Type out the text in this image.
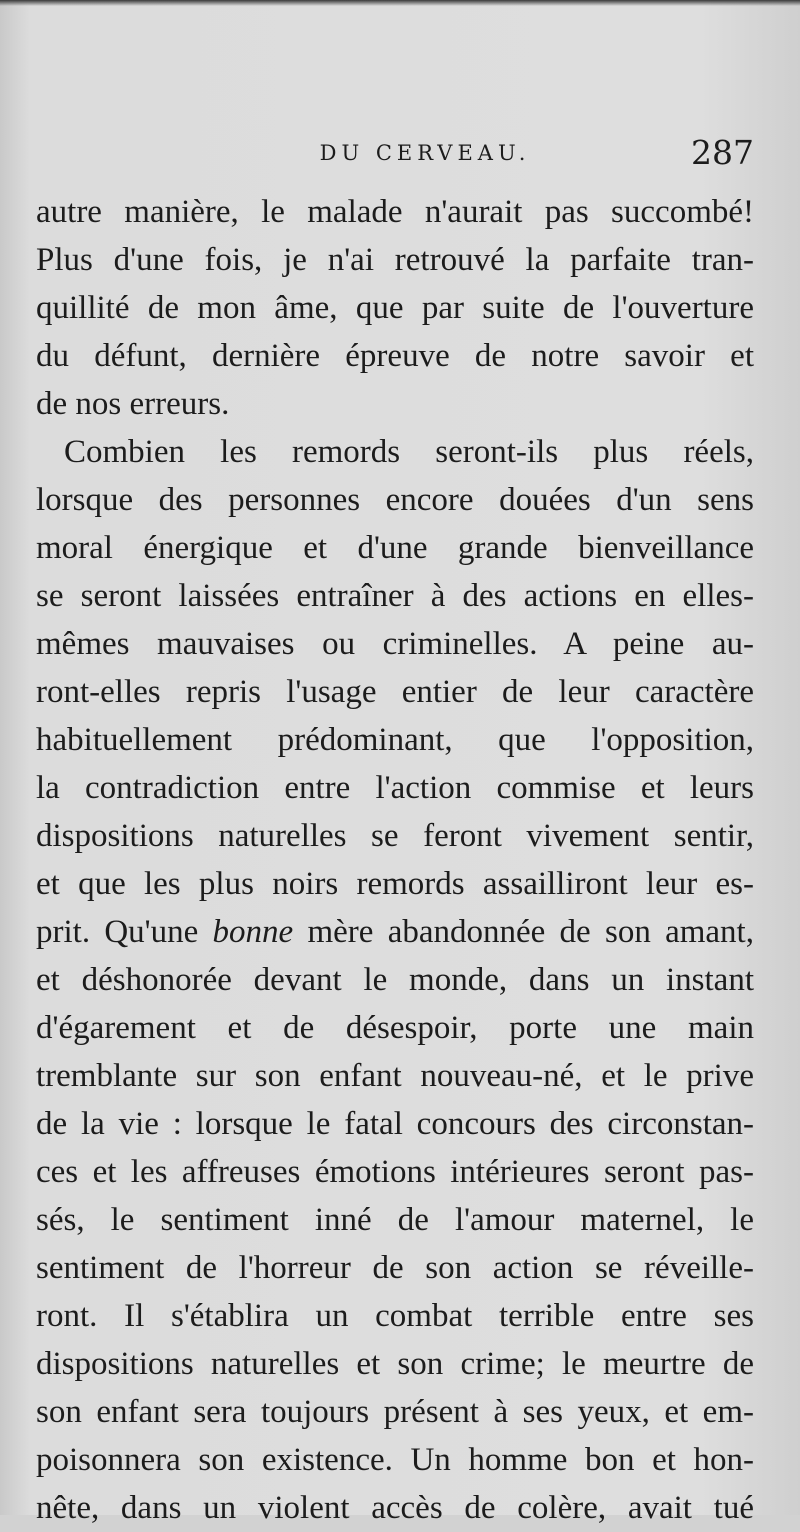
DU CERVEAU.	287
autre manière, le malade n'aurait pas succombé!
Plus d'une fois, je n'ai retrouvé la parfaite tran-
quillité de mon âme, que par suite de l'ouverture
du défunt, dernière épreuve de notre savoir et
de nos erreurs.
Combien les remords seront-ils plus réels,
lorsque des personnes encore douées d'un sens
moral énergique et d'une grande bienveillance
se seront laissées entraîner à des actions en elles-
mêmes mauvaises ou criminelles. A peine au-
ront-elles repris l'usage entier de leur caractère
habituellement prédominant, que l'opposition,
la contradiction entre l'action commise et leurs
dispositions naturelles se feront vivement sentir,
et que les plus noirs remords assailliront leur es-
prit. Qu'une bonne mère abandonnée de son amant,
et déshonorée devant le monde, dans un instant
d'égarement et de désespoir, porte une main
tremblante sur son enfant nouveau-né, et le prive
de la vie : lorsque le fatal concours des circonstan-
ces et les affreuses émotions intérieures seront pas-
sés, le sentiment inné de l'amour maternel, le
sentiment de l'horreur de son action se réveille-
ront. Il s'établira un combat terrible entre ses
dispositions naturelles et son crime; le meurtre de
son enfant sera toujours présent à ses yeux, et em-
poisonnera son existence. Un homme bon et hon-
nête, dans un violent accès de colère, avait tué
